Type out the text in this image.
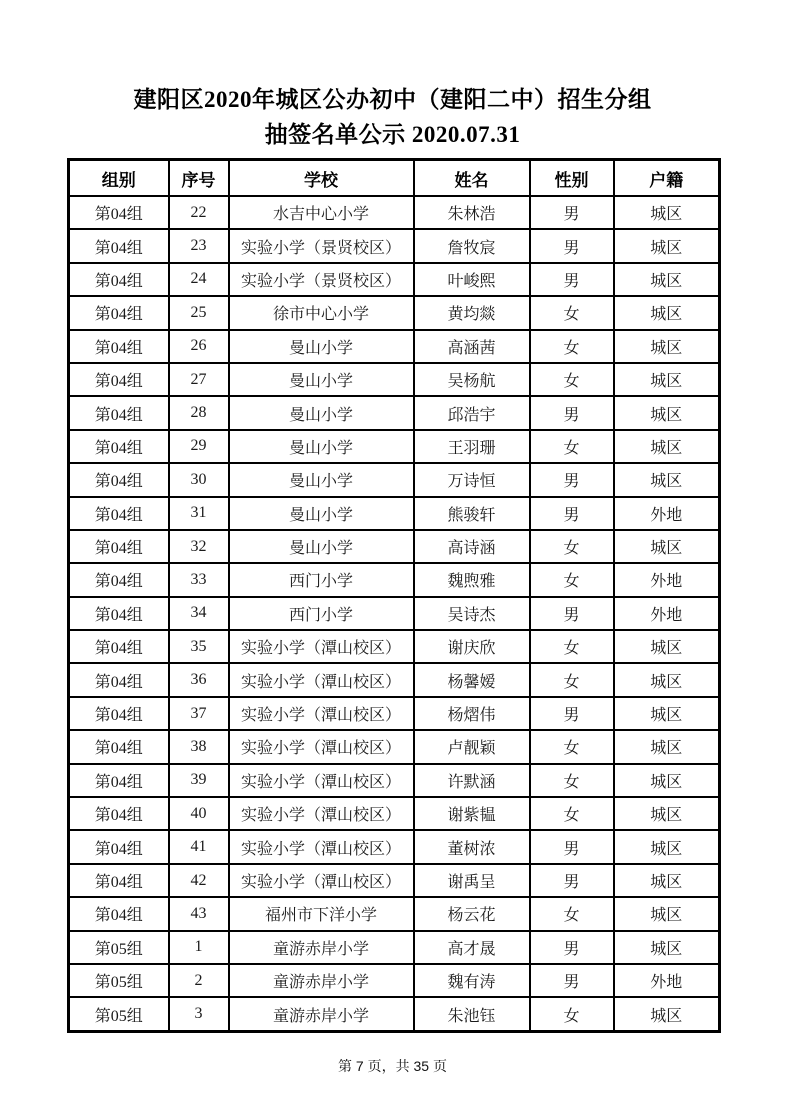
建阳区2020年城区公办初中（建阳二中）招生分组
抽签名单公示 2020.07.31
组别	序号	学校	姓名	性别	户籍
第04组	22	水吉中心小学	朱林浩	男	城区
第04组	23	实验小学（景贤校区）	詹牧宸	男	城区
第04组	24	实验小学（景贤校区）	叶峻熙	男	城区
第04组	25	徐市中心小学	黄均燚	女	城区
第04组	26	曼山小学	高涵茜	女	城区
第04组	27	曼山小学	吴杨航	女	城区
第04组	28	曼山小学	邱浩宇	男	城区
第04组	29	曼山小学	王羽珊	女	城区
第04组	30	曼山小学	万诗恒	男	城区
第04组	31	曼山小学	熊骏轩	男	外地
第04组	32	曼山小学	高诗涵	女	城区
第04组	33	西门小学	魏煦雅	女	外地
第04组	34	西门小学	吴诗杰	男	外地
第04组	35	实验小学（潭山校区）	谢庆欣	女	城区
第04组	36	实验小学（潭山校区）	杨馨嫒	女	城区
第04组	37	实验小学（潭山校区）	杨熠伟	男	城区
第04组	38	实验小学（潭山校区）	卢靓颖	女	城区
第04组	39	实验小学（潭山校区）	许默涵	女	城区
第04组	40	实验小学（潭山校区）	谢紫韫	女	城区
第04组	41	实验小学（潭山校区）	董树浓	男	城区
第04组	42	实验小学（潭山校区）	谢禹呈	男	城区
第04组	43	福州市下洋小学	杨云花	女	城区
第05组	1	童游赤岸小学	高才晟	男	城区
第05组	2	童游赤岸小学	魏有涛	男	外地
第05组	3	童游赤岸小学	朱池钰	女	城区
第 7 页，共 35 页
